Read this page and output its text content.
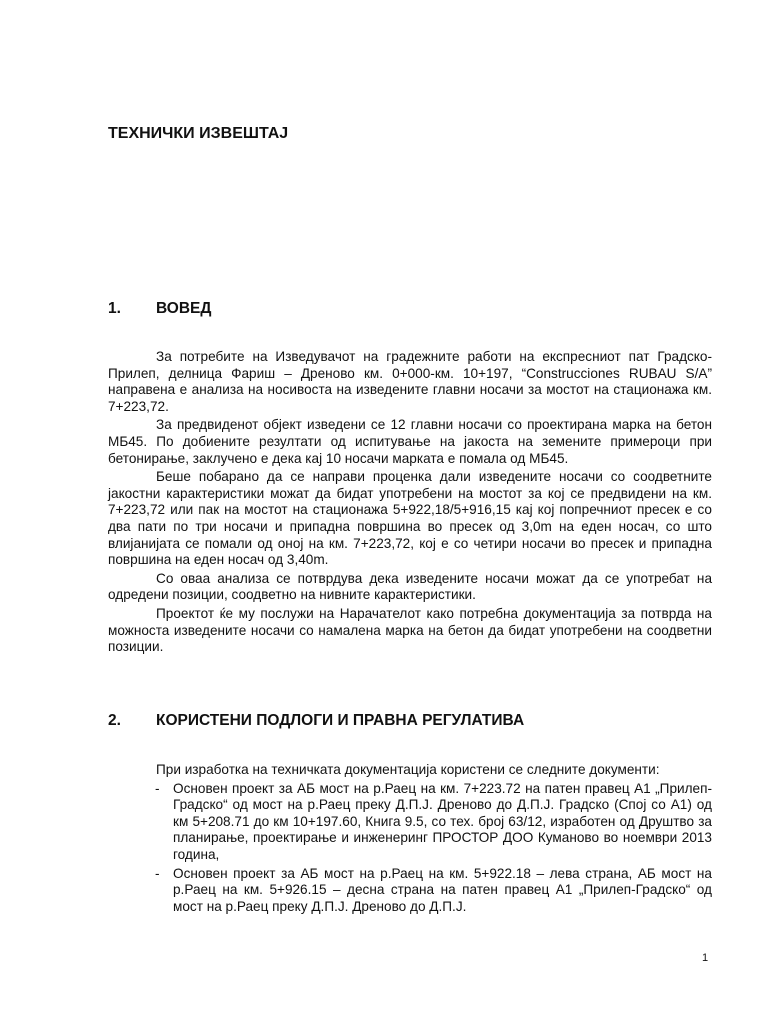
ТЕХНИЧКИ ИЗВЕШТАЈ
1. ВОВЕД

За потребите на Изведувачот на градежните работи на експресниот пат Градско-Прилеп, делница Фариш – Дреново км. 0+000-км. 10+197, “Construcciones RUBAU S/A” направена е анализа на носивоста на изведените главни носачи за мостот на стационажа км. 7+223,72.

За предвиденот објект изведени се 12 главни носачи со проектирана марка на бетон МБ45. По добиените резултати од испитување на јакоста на земените примероци при бетонирање, заклучено е дека кај 10 носачи марката е помала од МБ45.

Беше побарано да се направи проценка дали изведените носачи со соодветните јакостни карактеристики можат да бидат употребени на мостот за кој се предвидени на км. 7+223,72 или пак на мостот на стационажа 5+922,18/5+916,15 кај кој попречниот пресек е со два пати по три носачи и припадна површина во пресек од 3,0m на еден носач, со што влијанијата се помали од оној на км. 7+223,72, кој е со четири носачи во пресек и припадна површина на еден носач од 3,40m.

Со оваа анализа се потврдува дека изведените носачи можат да се употребат на одредени позиции, соодветно на нивните карактеристики.

Проектот ќе му послужи на Нарачателот како потребна документација за потврда на можноста изведените носачи со намалена марка на бетон да бидат употребени на соодветни позиции.

2. КОРИСТЕНИ ПОДЛОГИ И ПРАВНА РЕГУЛАТИВА

При изработка на техничката документација користени се следните документи:

- Основен проект за АБ мост на р.Раец на км. 7+223.72 на патен правец А1 „Прилеп-Градско“ од мост на р.Раец преку Д.П.Ј. Дреново до Д.П.Ј. Градско (Спој со А1) од км 5+208.71 до км 10+197.60, Книга 9.5, со тех. број 63/12, изработен од Друштво за планирање, проектирање и инженеринг ПРОСТОР ДОО Куманово во ноември 2013 година,
- Основен проект за АБ мост на р.Раец на км. 5+922.18 – лева страна, АБ мост на р.Раец на км. 5+926.15 – десна страна на патен правец А1 „Прилеп-Градско“ од мост на р.Раец преку Д.П.Ј. Дреново до Д.П.Ј.
1
